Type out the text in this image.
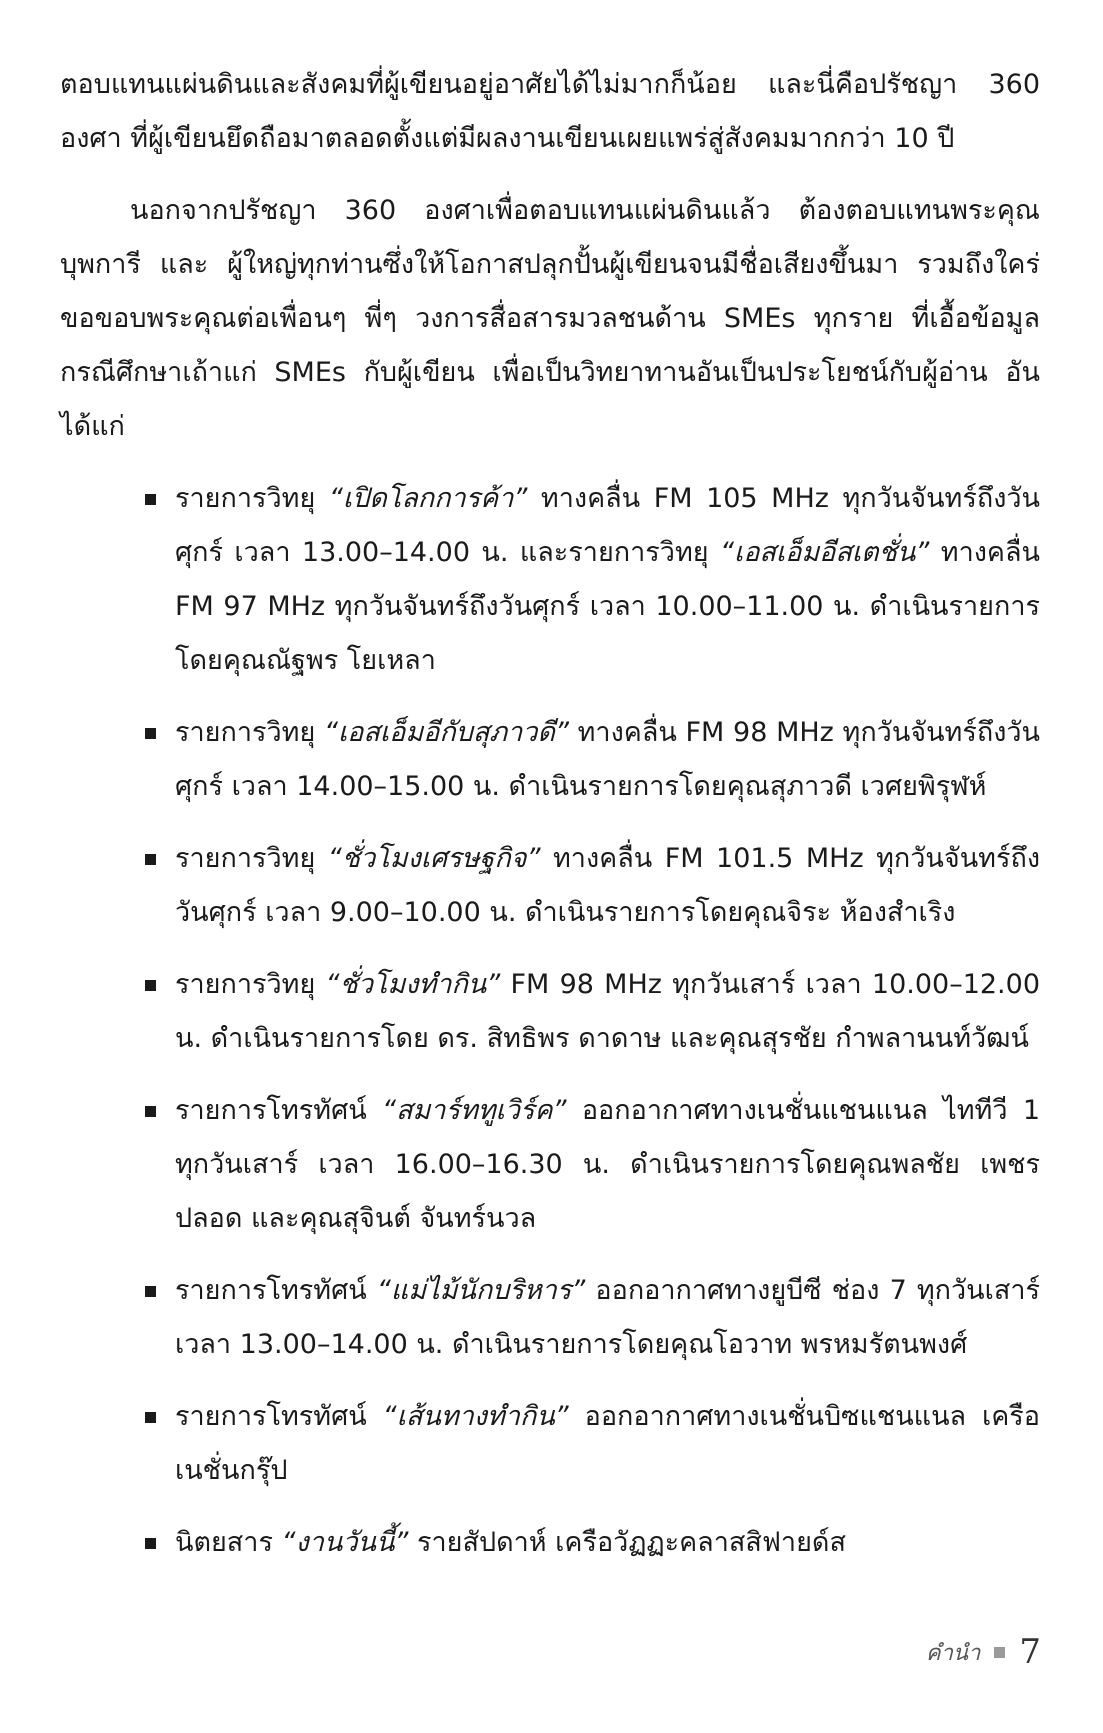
ตอบแทนแผ่นดินและสังคมที่ผู้เขียนอยู่อาศัยได้ไม่มากก็น้อย และนี่คือปรัชญา 360 องศา ที่ผู้เขียนยึดถือมาตลอดตั้งแต่มีผลงานเขียนเผยแพร่สู่สังคมมากกว่า 10 ปี

นอกจากปรัชญา 360 องศาเพื่อตอบแทนแผ่นดินแล้ว ต้องตอบแทนพระคุณบุพการี และ ผู้ใหญ่ทุกท่านซึ่งให้โอกาสปลุกปั้นผู้เขียนจนมีชื่อเสียงขึ้นมา รวมถึงใคร่ขอขอบพระคุณต่อเพื่อนๆ พี่ๆ วงการสื่อสารมวลชนด้าน SMEs ทุกราย ที่เอื้อข้อมูลกรณีศึกษาเถ้าแก่ SMEs กับผู้เขียน เพื่อเป็นวิทยาทานอันเป็นประโยชน์กับผู้อ่าน อันได้แก่

รายการวิทยุ “เปิดโลกการค้า” ทางคลื่น FM 105 MHz ทุกวันจันทร์ถึงวันศุกร์ เวลา 13.00–14.00 น. และรายการวิทยุ “เอสเอ็มอีสเตชั่น” ทางคลื่น FM 97 MHz ทุกวันจันทร์ถึงวันศุกร์ เวลา 10.00–11.00 น. ดำเนินรายการโดยคุณณัฐพร โยเหลา
รายการวิทยุ “เอสเอ็มอีกับสุภาวดี” ทางคลื่น FM 98 MHz ทุกวันจันทร์ถึงวันศุกร์ เวลา 14.00–15.00 น. ดำเนินรายการโดยคุณสุภาวดี เวศยพิรุฬห์
รายการวิทยุ “ชั่วโมงเศรษฐกิจ” ทางคลื่น FM 101.5 MHz ทุกวันจันทร์ถึงวันศุกร์ เวลา 9.00–10.00 น. ดำเนินรายการโดยคุณจิระ ห้องสำเริง
รายการวิทยุ “ชั่วโมงทำกิน” FM 98 MHz ทุกวันเสาร์ เวลา 10.00–12.00 น. ดำเนินรายการโดย ดร. สิทธิพร ดาดาษ และคุณสุรชัย กำพลานนท์วัฒน์
รายการโทรทัศน์ “สมาร์ททูเวิร์ค” ออกอากาศทางเนชั่นแชนแนล ไททีวี 1 ทุกวันเสาร์ เวลา 16.00–16.30 น. ดำเนินรายการโดยคุณพลชัย เพชรปลอด และคุณสุจินต์ จันทร์นวล
รายการโทรทัศน์ “แม่ไม้นักบริหาร” ออกอากาศทางยูบีซี ช่อง 7 ทุกวันเสาร์ เวลา 13.00–14.00 น. ดำเนินรายการโดยคุณโอวาท พรหมรัตนพงศ์
รายการโทรทัศน์ “เส้นทางทำกิน” ออกอากาศทางเนชั่นบิซแชนแนล เครือเนชั่นกรุ๊ป
นิตยสาร “งานวันนี้” รายสัปดาห์ เครือวัฏฏะคลาสสิฟายด์ส
คำนำ 7
